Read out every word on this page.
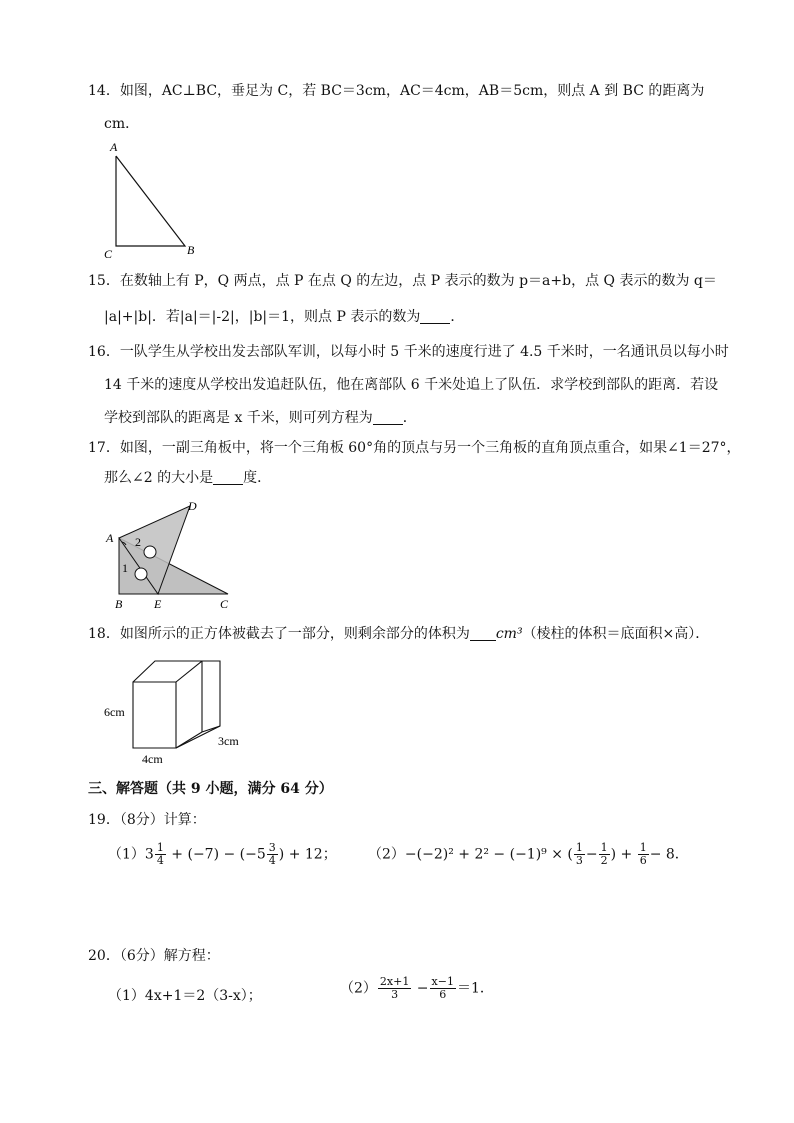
14．如图，AC⊥BC，垂足为 C，若 BC＝3cm，AC＝4cm，AB＝5cm，则点 A 到 BC 的距离为
cm．
A
C	B
15．在数轴上有 P，Q 两点，点 P 在点 Q 的左边，点 P 表示的数为 p＝a+b，点 Q 表示的数为 q＝
|a|+|b|．若|a|＝|-2|，|b|＝1，则点 P 表示的数为 ．
16．一队学生从学校出发去部队军训，以每小时 5 千米的速度行进了 4.5 千米时，一名通讯员以每小时
14 千米的速度从学校出发追赶队伍，他在离部队 6 千米处追上了队伍．求学校到部队的距离．若设
学校到部队的距离是 x 千米，则可列方程为 ．
17．如图，一副三角板中，将一个三角板 60°角的顶点与另一个三角板的直角顶点重合，如果∠1＝27°，
那么∠2 的大小是 度．
A
D
B	E	C
2
1
18．如图所示的正方体被截去了一部分，则剩余部分的体积为 cm³（棱柱的体积＝底面积×高）．
6cm
4cm
3cm
三、解答题（共 9 小题，满分 64 分）
19．（8分）计算：
$(1)3 \frac{1}{4} + (-7) - (-5 \frac{3}{4}$ ) + 12； （2）−(−2)² + 2² − (−1)⁹ × ( $\frac{1}{3} - \frac{1}{2}$ ) + $\frac{1}{6} - 8$．
20．（6分）解方程：
（1）4x+1＝2（3-x）；	$(2) \frac{2x+1}{3} - \frac{x-1}{6} =1$．
